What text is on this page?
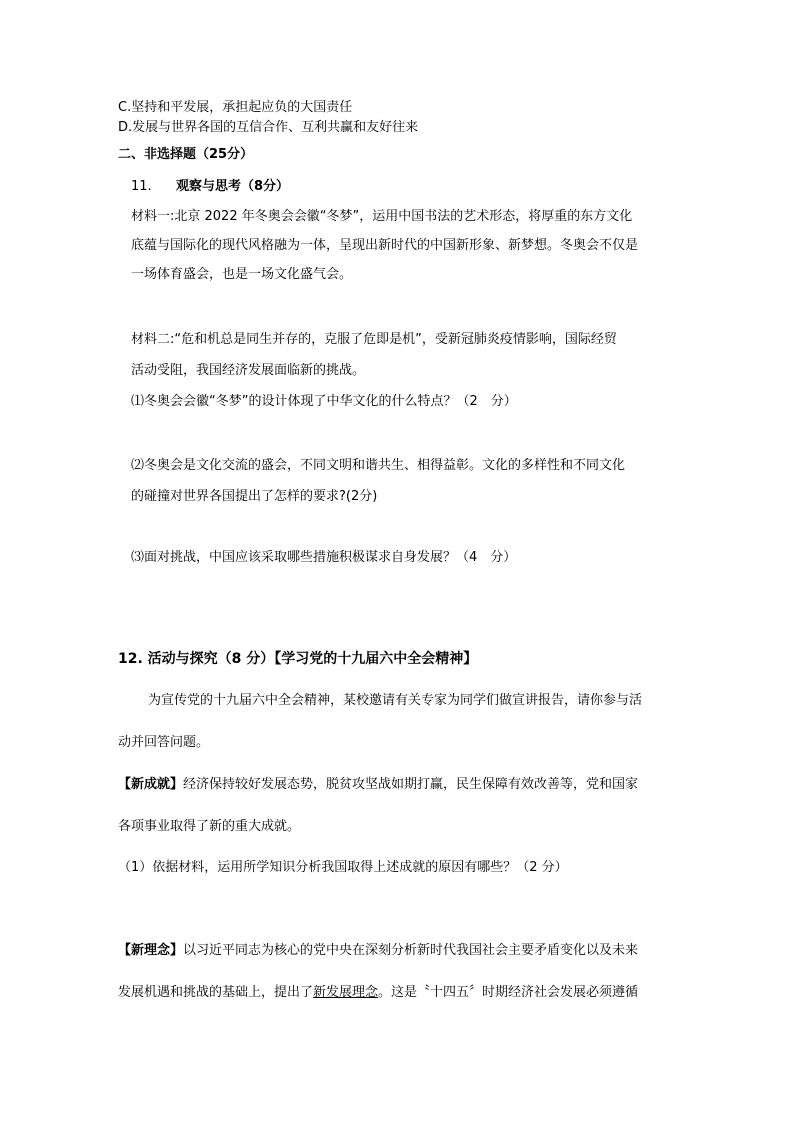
C.坚持和平发展，承担起应负的大国责任
D.发展与世界各国的互信合作、互利共赢和友好往来
二、非选择题（25分）
11. 观察与思考（8分）
材料一:北京 2022 年冬奥会会徽“冬梦”，运用中国书法的艺术形态，将厚重的东方文化
底蕴与国际化的现代风格融为一体，呈现出新时代的中国新形象、新梦想。冬奥会不仅是
一场体育盛会，也是一场文化盛气会。
材料二:“危和机总是同生并存的，克服了危即是机”，受新冠肺炎疫情影响，国际经贸
活动受阻，我国经济发展面临新的挑战。
⑴冬奥会会徽“冬梦”的设计体现了中华文化的什么特点？（2　分）
⑵冬奥会是文化交流的盛会，不同文明和谐共生、相得益彰。文化的多样性和不同文化
的碰撞对世界各国提出了怎样的要求?(2分)
⑶面对挑战，中国应该采取哪些措施积极谋求自身发展？（4　分）
12. 活动与探究（8 分）【学习党的十九届六中全会精神】
为宣传党的十九届六中全会精神，某校邀请有关专家为同学们做宣讲报告，请你参与活
动并回答问题。
【新成就】经济保持较好发展态势，脱贫攻坚战如期打赢，民生保障有效改善等，党和国家
各项事业取得了新的重大成就。
（1）依据材料，运用所学知识分析我国取得上述成就的原因有哪些？（2 分）
【新理念】以习近平同志为核心的党中央在深刻分析新时代我国社会主要矛盾变化以及未来
发展机遇和挑战的基础上，提出了新发展理念。这是〝十四五〞时期经济社会发展必须遵循
